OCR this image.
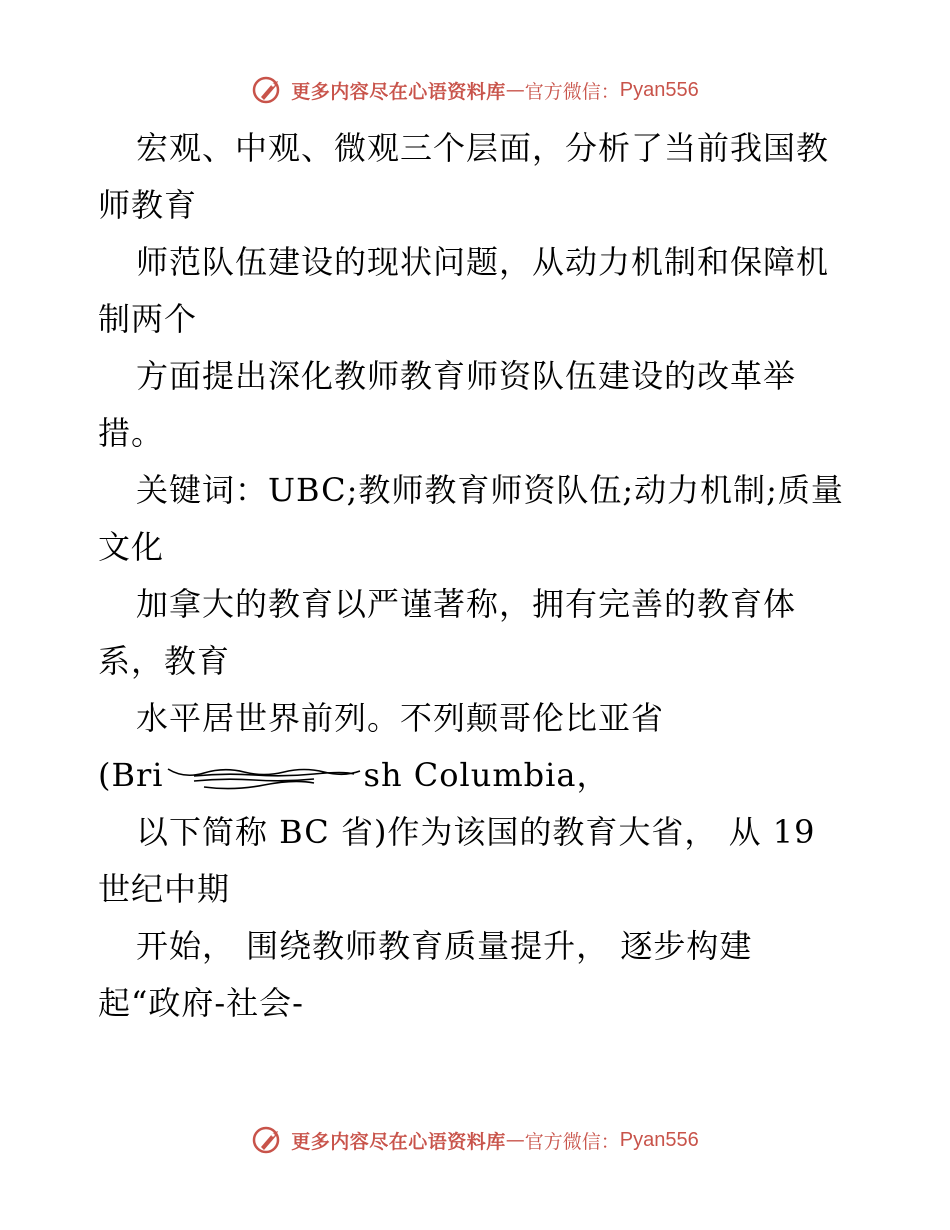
更多内容尽在心语资料库 — 官方微信： Pyan556
宏观、中观、微观三个层面，分析了当前我国教
师教育
师范队伍建设的现状问题，从动力机制和保障机
制两个
方面提出深化教师教育师资队伍建设的改革举
措。
关键词：UBC;教师教育师资队伍;动力机制;质量
文化
加拿大的教育以严谨著称，拥有完善的教育体
系，教育
水平居世界前列。不列颠哥伦比亚省
(Bri	sh Columbia，
以下简称 BC 省)作为该国的教育大省， 从 19
世纪中期
开始， 围绕教师教育质量提升， 逐步构建
起“政府-社会-
更多内容尽在心语资料库 — 官方微信： Pyan556
